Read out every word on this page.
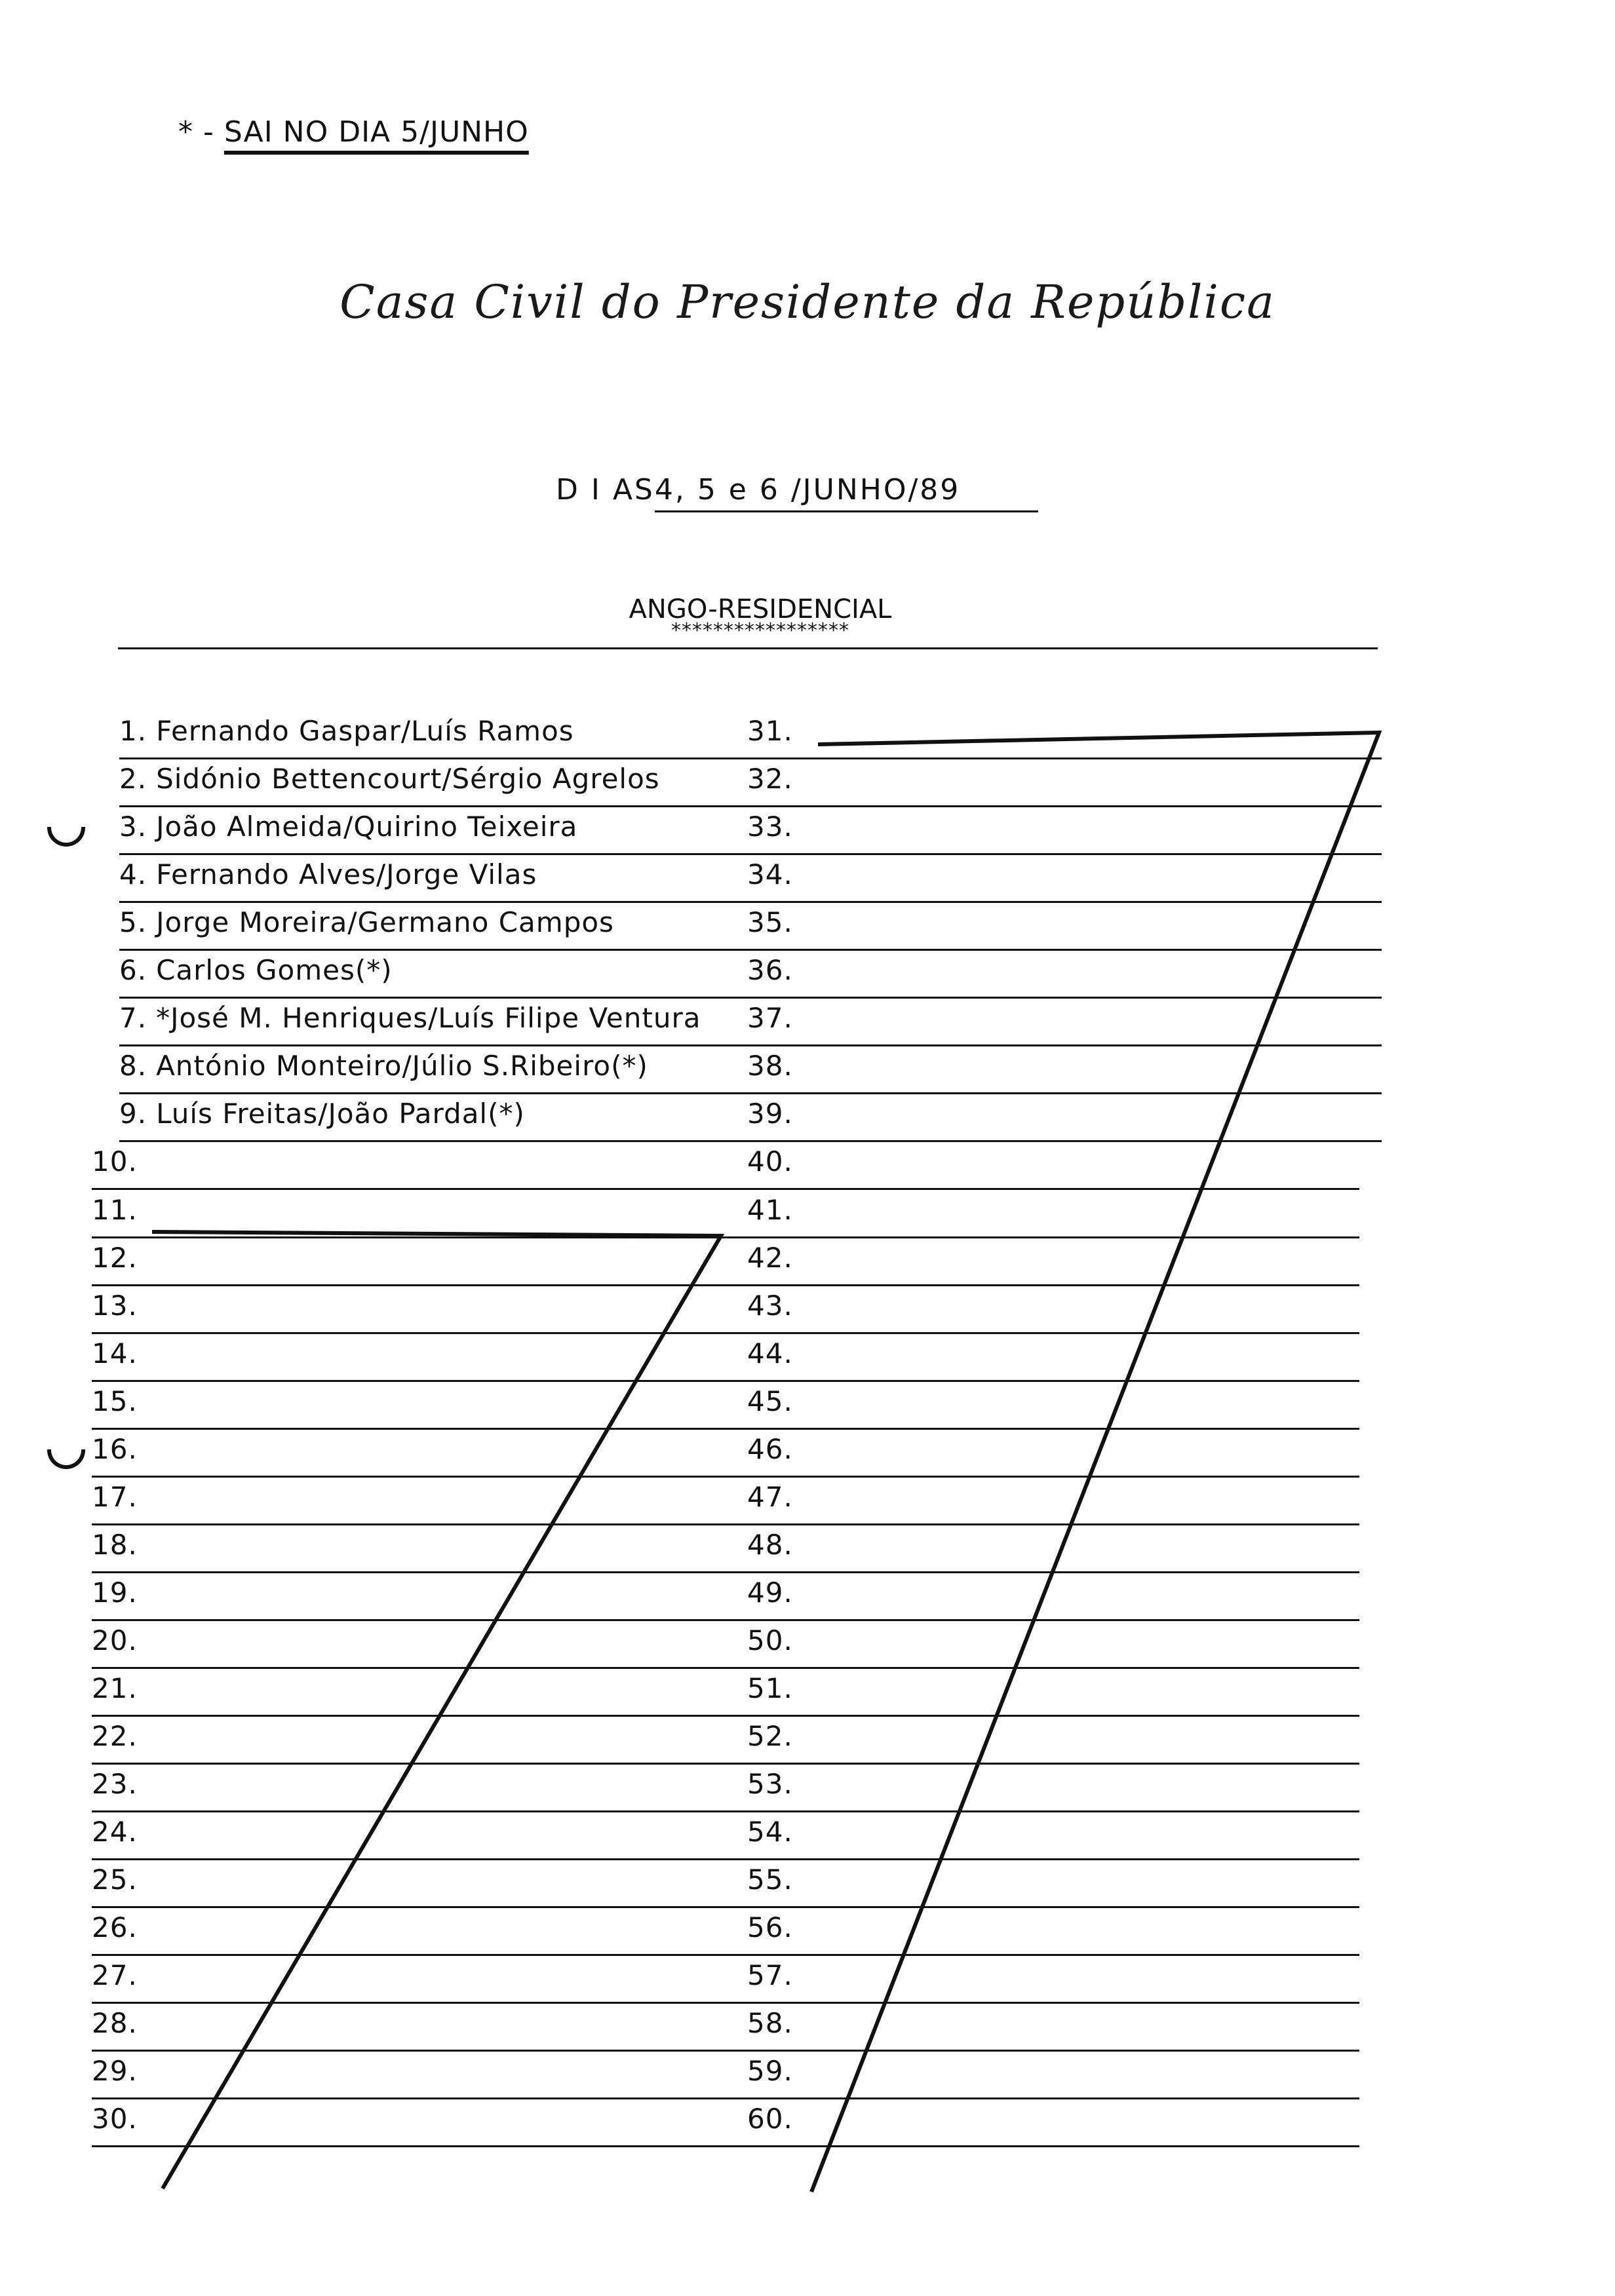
* - SAI NO DIA 5/JUNHO
Casa Civil do Presidente da República
D I AS4, 5 e 6 /JUNHO/89
ANGO-RESIDENCIAL
*****************
1. Fernando Gaspar/Luís Ramos
2. Sidónio Bettencourt/Sérgio Agrelos
3. João Almeida/Quirino Teixeira
4. Fernando Alves/Jorge Vilas
5. Jorge Moreira/Germano Campos
6. Carlos Gomes(*)
7. *José M. Henriques/Luís Filipe Ventura
8. António Monteiro/Júlio S.Ribeiro(*)
9. Luís Freitas/João Pardal(*)
10.
11.
12.
13.
14.
15.
16.
17.
18.
19.
20.
21.
22.
23.
24.
25.
26.
27.
28.
29.
30.
31.
32.
33.
34.
35.
36.
37.
38.
39.
40.
41.
42.
43.
44.
45.
46.
47.
48.
49.
50.
51.
52.
53.
54.
55.
56.
57.
58.
59.
60.
